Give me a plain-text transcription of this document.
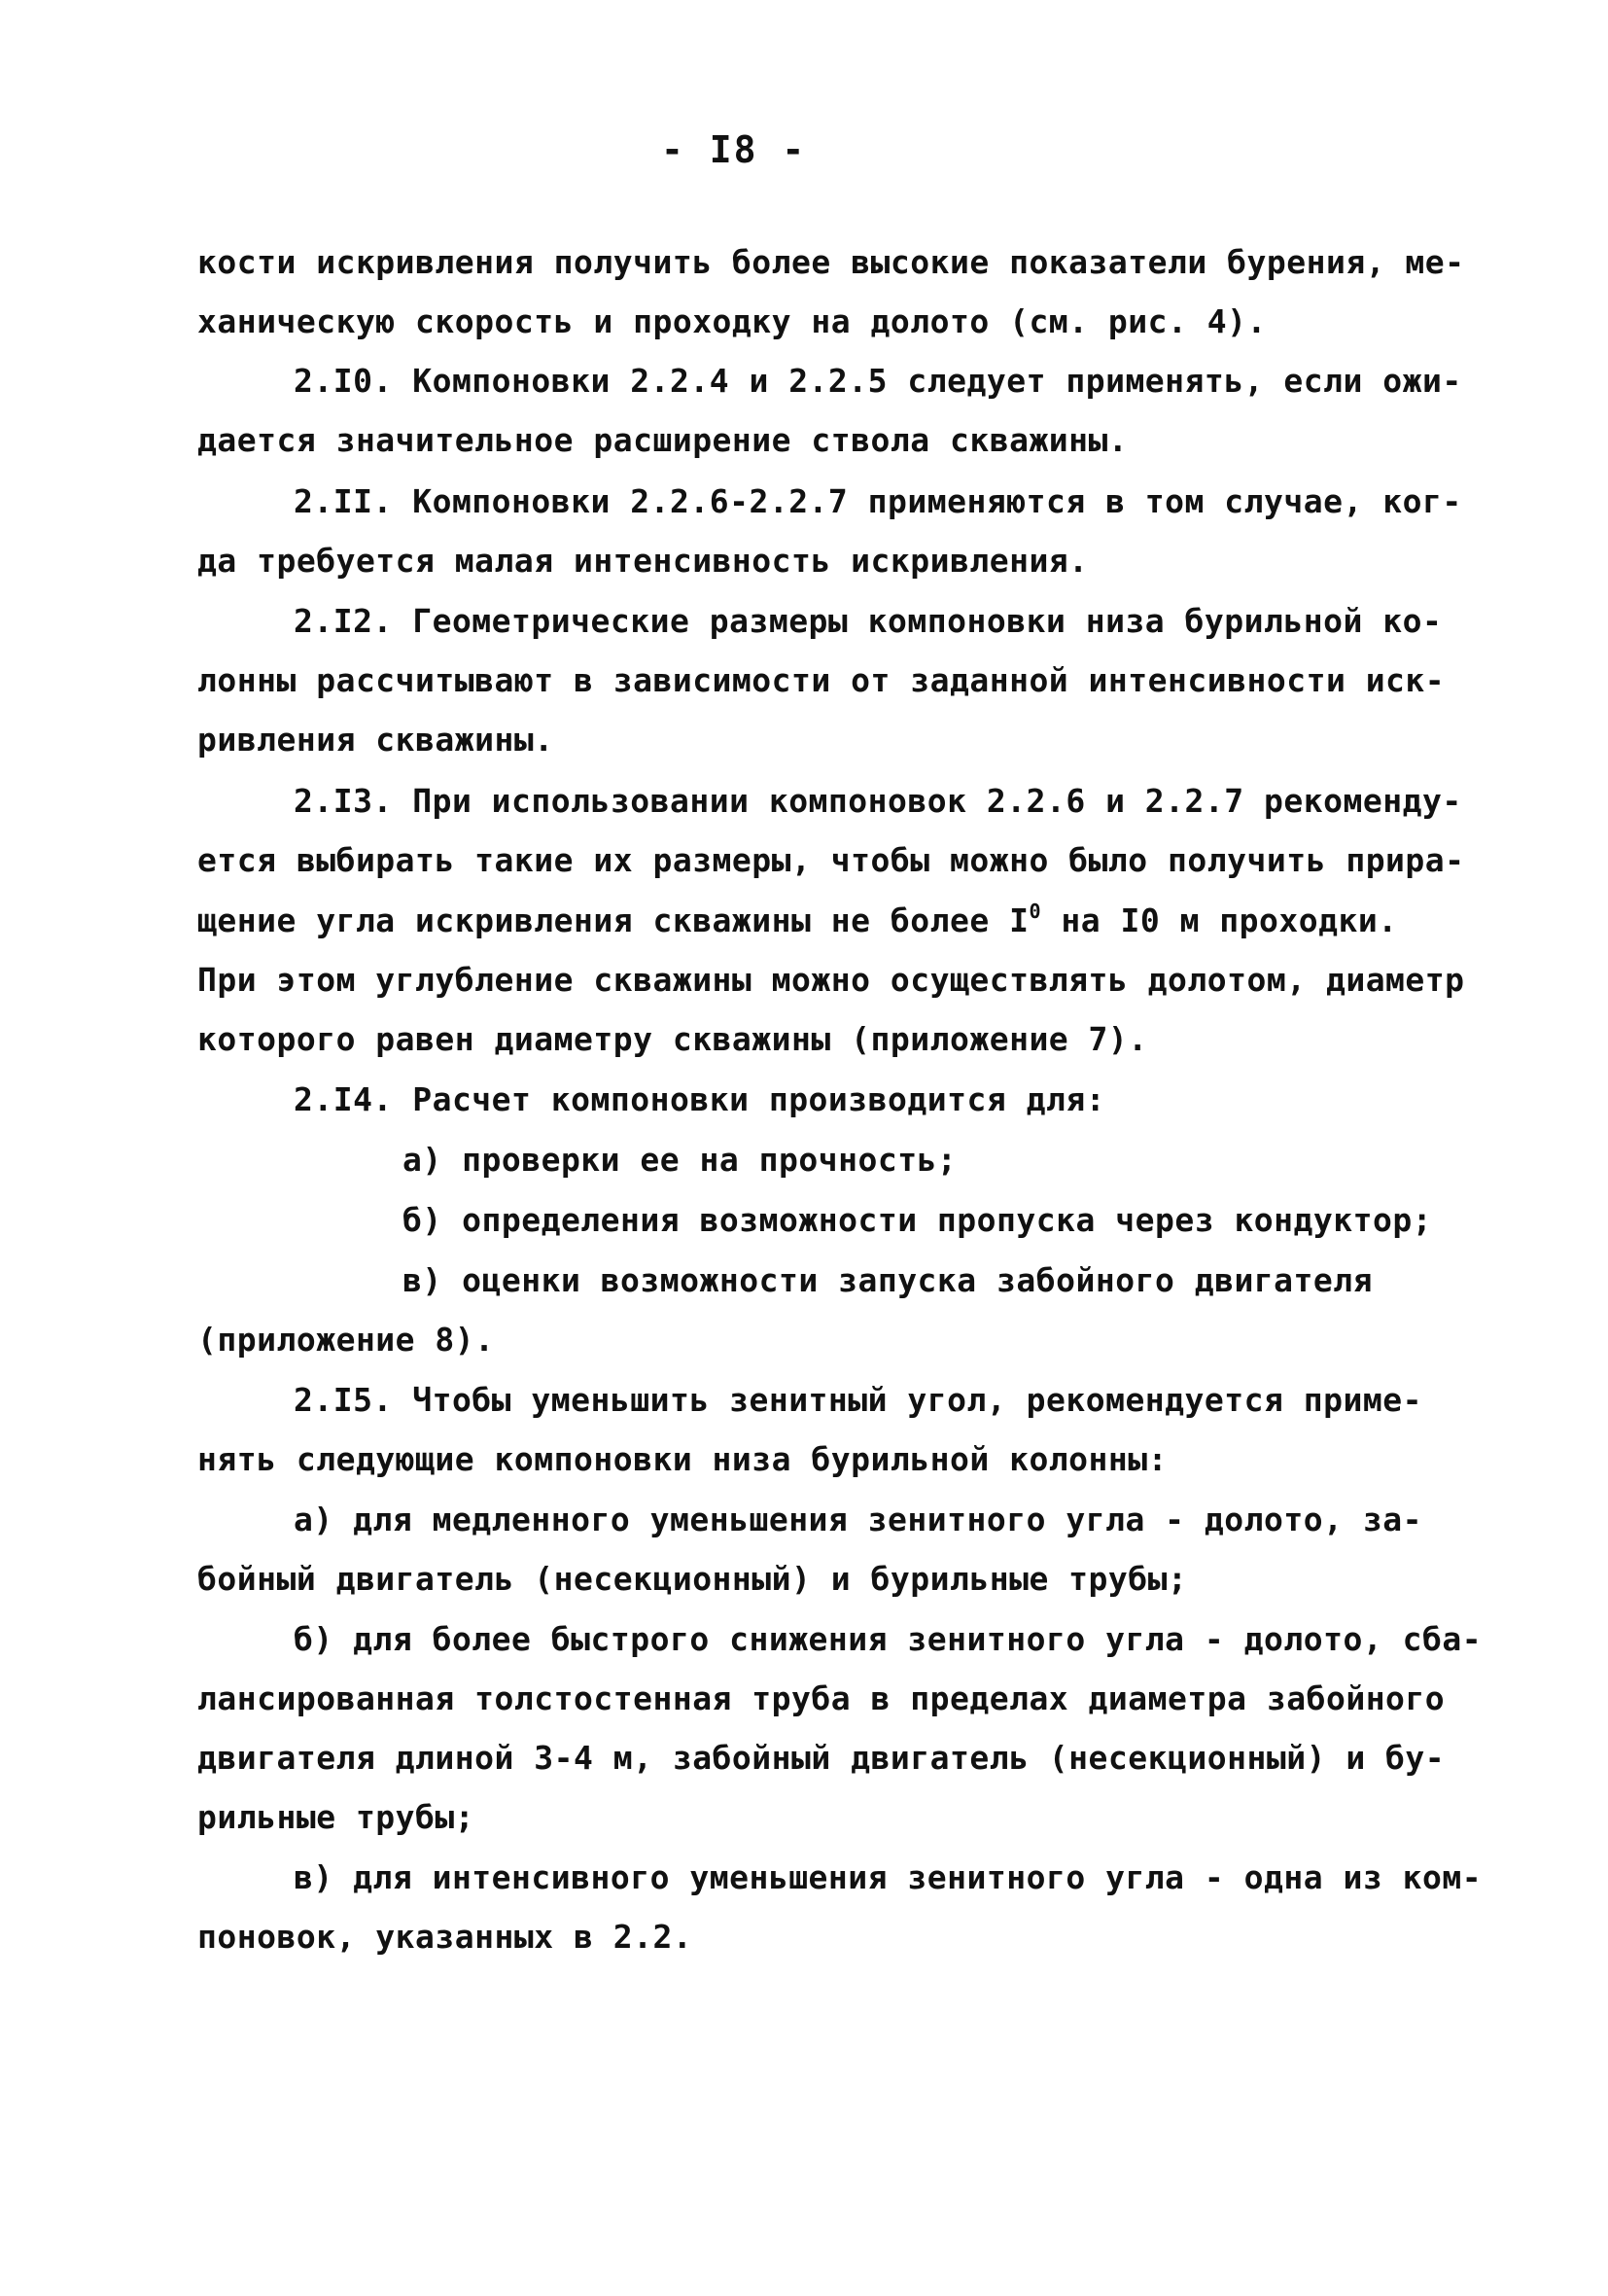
- I8 -
кости искривления получить более высокие показатели бурения, ме-
ханическую скорость и проходку на долото (см. рис. 4).
2.I0. Компоновки 2.2.4 и 2.2.5 следует применять, если ожи-
дается значительное расширение ствола скважины.
2.II. Компоновки 2.2.6-2.2.7 применяются в том случае, ког-
да требуется малая интенсивность искривления.
2.I2. Геометрические размеры компоновки низа бурильной ко-
лонны рассчитывают в зависимости от заданной интенсивности иск-
ривления скважины.
2.I3. При использовании компоновок 2.2.6 и 2.2.7 рекоменду-
ется выбирать такие их размеры, чтобы можно было получить прира-
щение угла искривления скважины не более $I^0$ на I0 м проходки.
При этом углубление скважины можно осуществлять долотом, диаметр
которого равен диаметру скважины (приложение 7).
2.I4. Расчет компоновки производится для:
а) проверки ее на прочность;
б) определения возможности пропуска через кондуктор;
в) оценки возможности запуска забойного двигателя
(приложение 8).
2.I5. Чтобы уменьшить зенитный угол, рекомендуется приме-
нять следующие компоновки низа бурильной колонны:
а) для медленного уменьшения зенитного угла - долото, за-
бойный двигатель (несекционный) и бурильные трубы;
б) для более быстрого снижения зенитного угла - долото, сба-
лансированная толстостенная труба в пределах диаметра забойного
двигателя длиной 3-4 м, забойный двигатель (несекционный) и бу-
рильные трубы;
в) для интенсивного уменьшения зенитного угла - одна из ком-
поновок, указанных в 2.2.
